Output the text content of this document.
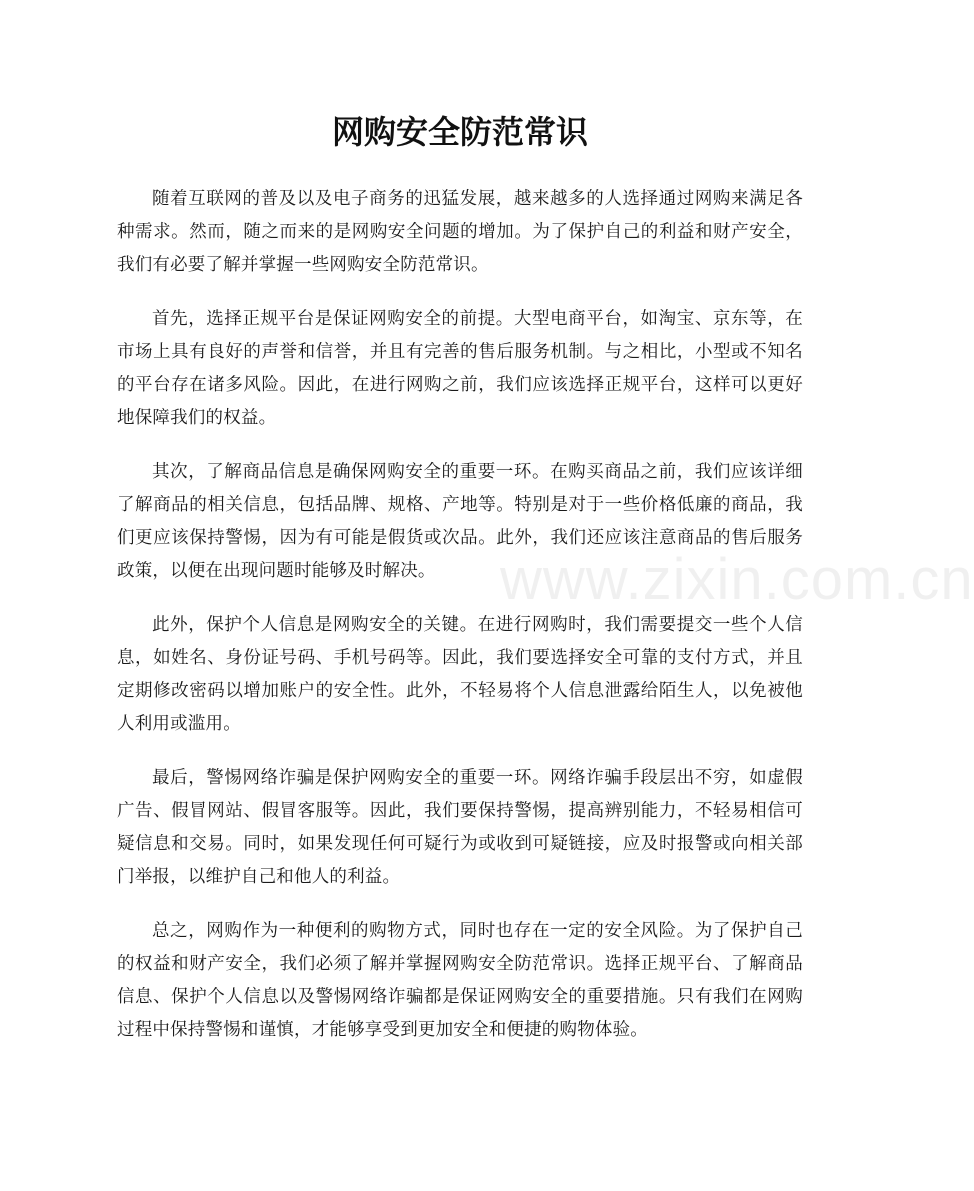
网购安全防范常识

随着互联网的普及以及电子商务的迅猛发展，越来越多的人选择通过网购来满足各种需求。然而，随之而来的是网购安全问题的增加。为了保护自己的利益和财产安全，我们有必要了解并掌握一些网购安全防范常识。

首先，选择正规平台是保证网购安全的前提。大型电商平台，如淘宝、京东等，在市场上具有良好的声誉和信誉，并且有完善的售后服务机制。与之相比，小型或不知名的平台存在诸多风险。因此，在进行网购之前，我们应该选择正规平台，这样可以更好地保障我们的权益。

其次，了解商品信息是确保网购安全的重要一环。在购买商品之前，我们应该详细了解商品的相关信息，包括品牌、规格、产地等。特别是对于一些价格低廉的商品，我们更应该保持警惕，因为有可能是假货或次品。此外，我们还应该注意商品的售后服务政策，以便在出现问题时能够及时解决。

此外，保护个人信息是网购安全的关键。在进行网购时，我们需要提交一些个人信息，如姓名、身份证号码、手机号码等。因此，我们要选择安全可靠的支付方式，并且定期修改密码以增加账户的安全性。此外，不轻易将个人信息泄露给陌生人，以免被他人利用或滥用。

最后，警惕网络诈骗是保护网购安全的重要一环。网络诈骗手段层出不穷，如虚假广告、假冒网站、假冒客服等。因此，我们要保持警惕，提高辨别能力，不轻易相信可疑信息和交易。同时，如果发现任何可疑行为或收到可疑链接，应及时报警或向相关部门举报，以维护自己和他人的利益。

总之，网购作为一种便利的购物方式，同时也存在一定的安全风险。为了保护自己的权益和财产安全，我们必须了解并掌握网购安全防范常识。选择正规平台、了解商品信息、保护个人信息以及警惕网络诈骗都是保证网购安全的重要措施。只有我们在网购过程中保持警惕和谨慎，才能够享受到更加安全和便捷的购物体验。

www.zixin.com.cn
